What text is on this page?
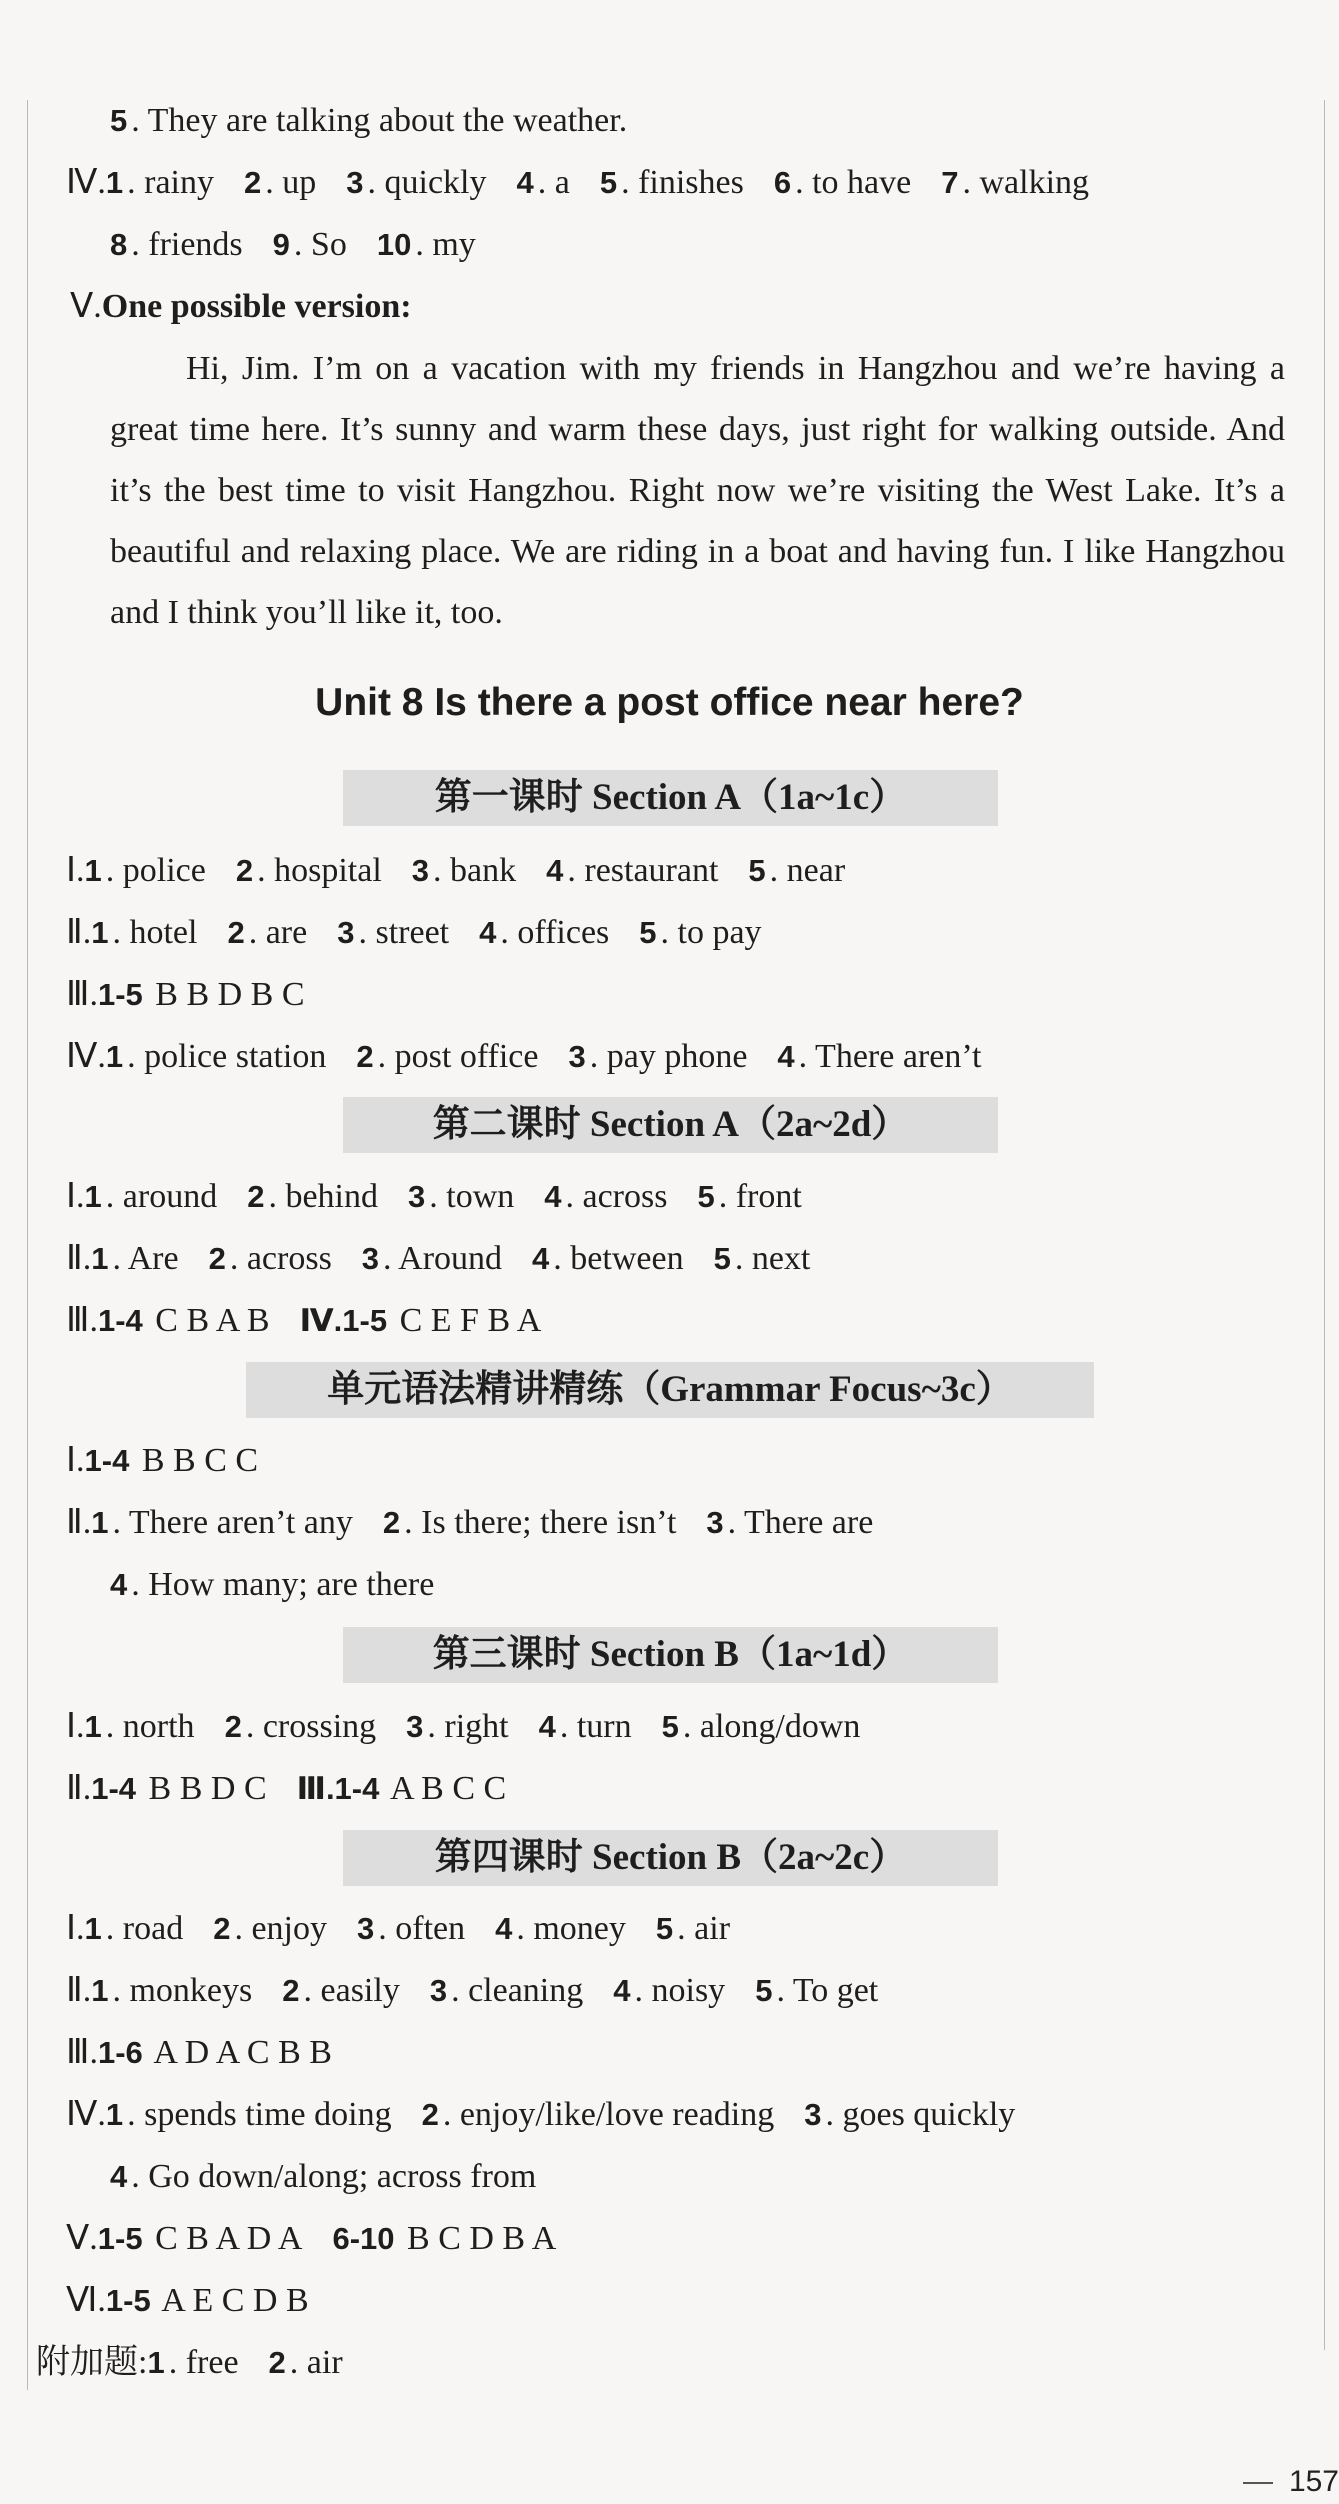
5 . They are talking about the weather.
Ⅳ.1 . rainy 2 . up 3 . quickly 4 . a 5 . finishes 6 . to have 7 . walking
8 . friends 9 . So 10 . my
Ⅴ.One possible version:
Hi, Jim. I’m on a vacation with my friends in Hangzhou and we’re having a great time here. It’s sunny and warm these days, just right for walking outside. And it’s the best time to visit Hangzhou. Right now we’re visiting the West Lake. It’s a beautiful and relaxing place. We are riding in a boat and having fun. I like Hangzhou and I think you’ll like it, too.
Unit 8 Is there a post office near here?
第一课时 Section A（1a~1c）
第二课时 Section A（2a~2d）
单元语法精讲精练（Grammar Focus~3c）
第三课时 Section B（1a~1d）
第四课时 Section B（2a~2c）
Ⅰ.1 . police 2 . hospital 3 . bank 4 . restaurant 5 . near
Ⅱ.1 . hotel 2 . are 3 . street 4 . offices 5 . to pay
Ⅲ.1-5 B B D B C
Ⅳ.1 . police station 2 . post office 3 . pay phone 4 . There aren’t
Ⅰ.1 . around 2 . behind 3 . town 4 . across 5 . front
Ⅱ.1 . Are 2 . across 3 . Around 4 . between 5 . next
Ⅲ.1-4 C B A B Ⅳ.1-5 C E F B A
Ⅰ.1-4 B B C C
Ⅱ.1 . There aren’t any 2 . Is there; there isn’t 3 . There are
4 . How many; are there
Ⅰ.1 . north 2 . crossing 3 . right 4 . turn 5 . along/down
Ⅱ.1-4 B B D C Ⅲ.1-4 A B C C
Ⅰ.1 . road 2 . enjoy 3 . often 4 . money 5 . air
Ⅱ.1 . monkeys 2 . easily 3 . cleaning 4 . noisy 5 . To get
Ⅲ.1-6 A D A C B B
Ⅳ.1 . spends time doing 2 . enjoy/like/love reading 3 . goes quickly
4 . Go down/along; across from
Ⅴ.1-5 C B A D A 6-10 B C D B A
Ⅵ.1-5 A E C D B
附加题:1 . free 2 . air
157
